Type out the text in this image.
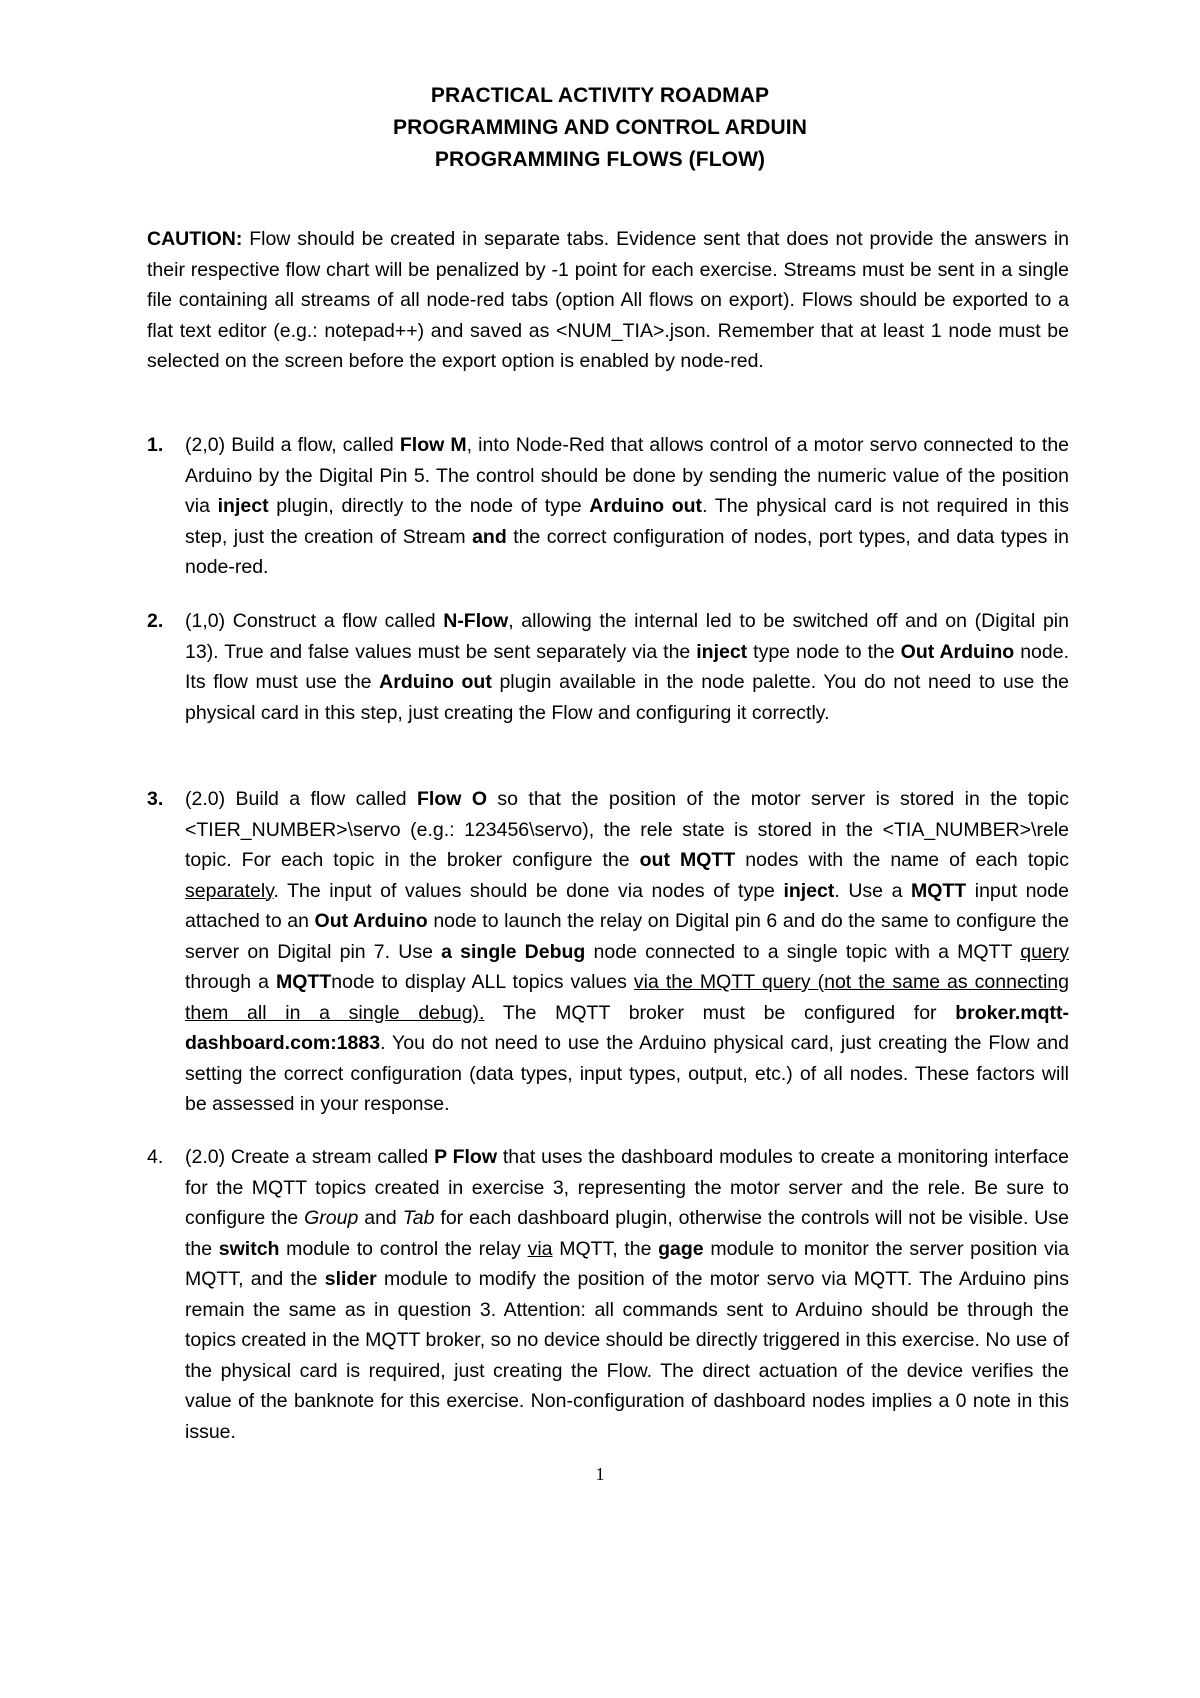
PRACTICAL ACTIVITY ROADMAP
PROGRAMMING AND CONTROL ARDUIN
PROGRAMMING FLOWS (FLOW)
CAUTION: Flow should be created in separate tabs. Evidence sent that does not provide the answers in their respective flow chart will be penalized by -1 point for each exercise. Streams must be sent in a single file containing all streams of all node-red tabs (option All flows on export). Flows should be exported to a flat text editor (e.g.: notepad++) and saved as <NUM_TIA>.json. Remember that at least 1 node must be selected on the screen before the export option is enabled by node-red.
1.	(2,0) Build a flow, called Flow M, into Node-Red that allows control of a motor servo connected to the Arduino by the Digital Pin 5. The control should be done by sending the numeric value of the position via inject plugin, directly to the node of type Arduino out. The physical card is not required in this step, just the creation of Stream and the correct configuration of nodes, port types, and data types in node-red.
2.	(1,0) Construct a flow called N-Flow, allowing the internal led to be switched off and on (Digital pin 13). True and false values must be sent separately via the inject type node to the Out Arduino node. Its flow must use the Arduino out plugin available in the node palette. You do not need to use the physical card in this step, just creating the Flow and configuring it correctly.
3.	(2.0) Build a flow called Flow O so that the position of the motor server is stored in the topic <TIER_NUMBER>\servo (e.g.: 123456\servo), the rele state is stored in the <TIA_NUMBER>\rele topic. For each topic in the broker configure the out MQTT nodes with the name of each topic separately. The input of values should be done via nodes of type inject. Use a MQTT input node attached to an Out Arduino node to launch the relay on Digital pin 6 and do the same to configure the server on Digital pin 7. Use a single Debug node connected to a single topic with a MQTT query through a MQTTnode to display ALL topics values via the MQTT query (not the same as connecting them all in a single debug). The MQTT broker must be configured for broker.mqtt-dashboard.com:1883. You do not need to use the Arduino physical card, just creating the Flow and setting the correct configuration (data types, input types, output, etc.) of all nodes. These factors will be assessed in your response.
4.	(2.0) Create a stream called P Flow that uses the dashboard modules to create a monitoring interface for the MQTT topics created in exercise 3, representing the motor server and the rele. Be sure to configure the Group and Tab for each dashboard plugin, otherwise the controls will not be visible. Use the switch module to control the relay via MQTT, the gage module to monitor the server position via MQTT, and the slider module to modify the position of the motor servo via MQTT. The Arduino pins remain the same as in question 3. Attention: all commands sent to Arduino should be through the topics created in the MQTT broker, so no device should be directly triggered in this exercise. No use of the physical card is required, just creating the Flow. The direct actuation of the device verifies the value of the banknote for this exercise. Non-configuration of dashboard nodes implies a 0 note in this issue.
1
